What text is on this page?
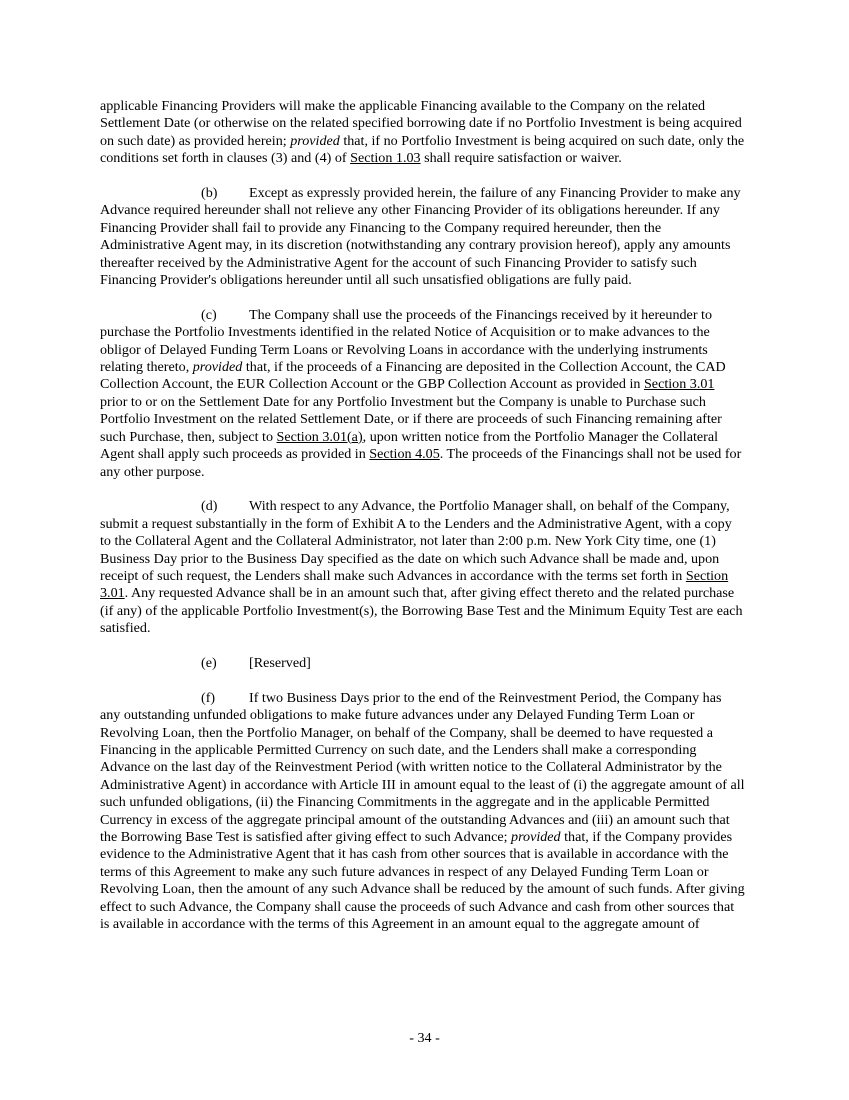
applicable Financing Providers will make the applicable Financing available to the Company on the related Settlement Date (or otherwise on the related specified borrowing date if no Portfolio Investment is being acquired on such date) as provided herein; provided that, if no Portfolio Investment is being acquired on such date, only the conditions set forth in clauses (3) and (4) of Section 1.03 shall require satisfaction or waiver.

(b) Except as expressly provided herein, the failure of any Financing Provider to make any Advance required hereunder shall not relieve any other Financing Provider of its obligations hereunder. If any Financing Provider shall fail to provide any Financing to the Company required hereunder, then the Administrative Agent may, in its discretion (notwithstanding any contrary provision hereof), apply any amounts thereafter received by the Administrative Agent for the account of such Financing Provider to satisfy such Financing Provider's obligations hereunder until all such unsatisfied obligations are fully paid.

(c) The Company shall use the proceeds of the Financings received by it hereunder to purchase the Portfolio Investments identified in the related Notice of Acquisition or to make advances to the obligor of Delayed Funding Term Loans or Revolving Loans in accordance with the underlying instruments relating thereto, provided that, if the proceeds of a Financing are deposited in the Collection Account, the CAD Collection Account, the EUR Collection Account or the GBP Collection Account as provided in Section 3.01 prior to or on the Settlement Date for any Portfolio Investment but the Company is unable to Purchase such Portfolio Investment on the related Settlement Date, or if there are proceeds of such Financing remaining after such Purchase, then, subject to Section 3.01(a), upon written notice from the Portfolio Manager the Collateral Agent shall apply such proceeds as provided in Section 4.05. The proceeds of the Financings shall not be used for any other purpose.

(d) With respect to any Advance, the Portfolio Manager shall, on behalf of the Company, submit a request substantially in the form of Exhibit A to the Lenders and the Administrative Agent, with a copy to the Collateral Agent and the Collateral Administrator, not later than 2:00 p.m. New York City time, one (1) Business Day prior to the Business Day specified as the date on which such Advance shall be made and, upon receipt of such request, the Lenders shall make such Advances in accordance with the terms set forth in Section 3.01. Any requested Advance shall be in an amount such that, after giving effect thereto and the related purchase (if any) of the applicable Portfolio Investment(s), the Borrowing Base Test and the Minimum Equity Test are each satisfied.

(e) [Reserved]

(f) If two Business Days prior to the end of the Reinvestment Period, the Company has any outstanding unfunded obligations to make future advances under any Delayed Funding Term Loan or Revolving Loan, then the Portfolio Manager, on behalf of the Company, shall be deemed to have requested a Financing in the applicable Permitted Currency on such date, and the Lenders shall make a corresponding Advance on the last day of the Reinvestment Period (with written notice to the Collateral Administrator by the Administrative Agent) in accordance with Article III in amount equal to the least of (i) the aggregate amount of all such unfunded obligations, (ii) the Financing Commitments in the aggregate and in the applicable Permitted Currency in excess of the aggregate principal amount of the outstanding Advances and (iii) an amount such that the Borrowing Base Test is satisfied after giving effect to such Advance; provided that, if the Company provides evidence to the Administrative Agent that it has cash from other sources that is available in accordance with the terms of this Agreement to make any such future advances in respect of any Delayed Funding Term Loan or Revolving Loan, then the amount of any such Advance shall be reduced by the amount of such funds. After giving effect to such Advance, the Company shall cause the proceeds of such Advance and cash from other sources that is available in accordance with the terms of this Agreement in an amount equal to the aggregate amount of

- 34 -
